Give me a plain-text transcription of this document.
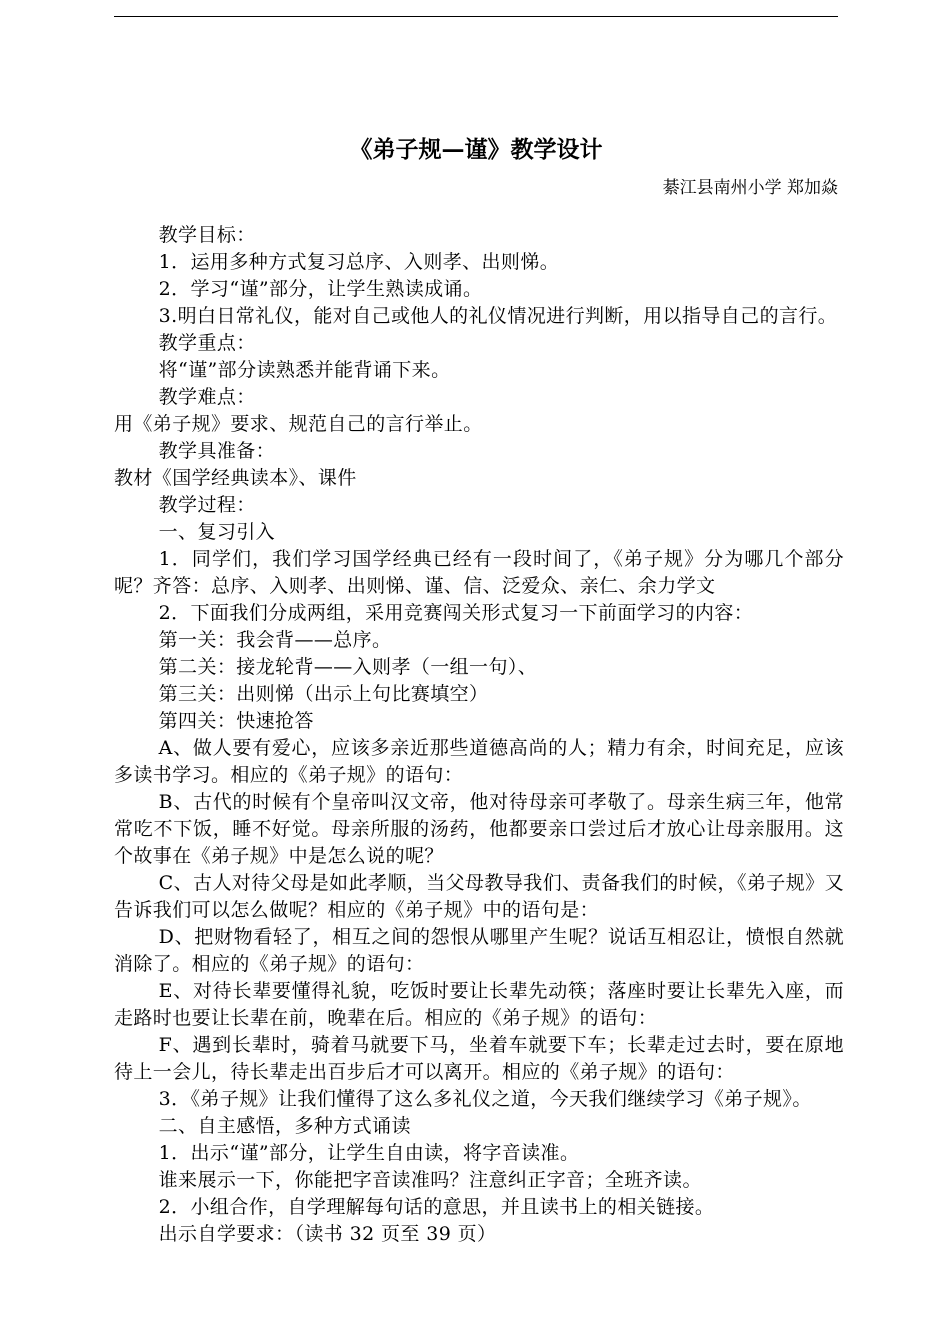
《弟子规—谨》教学设计
綦江县南州小学 郑加焱

教学目标：

1．运用多种方式复习总序、入则孝、出则悌。

2．学习“谨”部分，让学生熟读成诵。

3.明白日常礼仪，能对自己或他人的礼仪情况进行判断，用以指导自己的言行。

教学重点：

将“谨”部分读熟悉并能背诵下来。

教学难点：

用《弟子规》要求、规范自己的言行举止。

教学具准备：

教材《国学经典读本》、课件

教学过程：

一、复习引入

1．同学们，我们学习国学经典已经有一段时间了，《弟子规》分为哪几个部分呢？齐答：总序、入则孝、出则悌、谨、信、泛爱众、亲仁、余力学文

2．下面我们分成两组，采用竞赛闯关形式复习一下前面学习的内容：

第一关：我会背——总序。

第二关：接龙轮背——入则孝（一组一句）、

第三关：出则悌（出示上句比赛填空）

第四关：快速抢答

A、做人要有爱心，应该多亲近那些道德高尚的人；精力有余，时间充足，应该多读书学习。相应的《弟子规》的语句：

B、古代的时候有个皇帝叫汉文帝，他对待母亲可孝敬了。母亲生病三年，他常常吃不下饭，睡不好觉。母亲所服的汤药，他都要亲口尝过后才放心让母亲服用。这个故事在《弟子规》中是怎么说的呢？

C、古人对待父母是如此孝顺，当父母教导我们、责备我们的时候，《弟子规》又告诉我们可以怎么做呢？相应的《弟子规》中的语句是：

D、把财物看轻了，相互之间的怨恨从哪里产生呢？说话互相忍让，愤恨自然就消除了。相应的《弟子规》的语句：

E、对待长辈要懂得礼貌，吃饭时要让长辈先动筷；落座时要让长辈先入座，而走路时也要让长辈在前，晚辈在后。相应的《弟子规》的语句：

F、遇到长辈时，骑着马就要下马，坐着车就要下车；长辈走过去时，要在原地待上一会儿，待长辈走出百步后才可以离开。相应的《弟子规》的语句：

3．《弟子规》让我们懂得了这么多礼仪之道，今天我们继续学习《弟子规》。

二、自主感悟，多种方式诵读

1．出示“谨”部分，让学生自由读，将字音读准。

谁来展示一下，你能把字音读准吗？注意纠正字音；全班齐读。

2．小组合作，自学理解每句话的意思，并且读书上的相关链接。

出示自学要求：（读书 32 页至 39 页）
